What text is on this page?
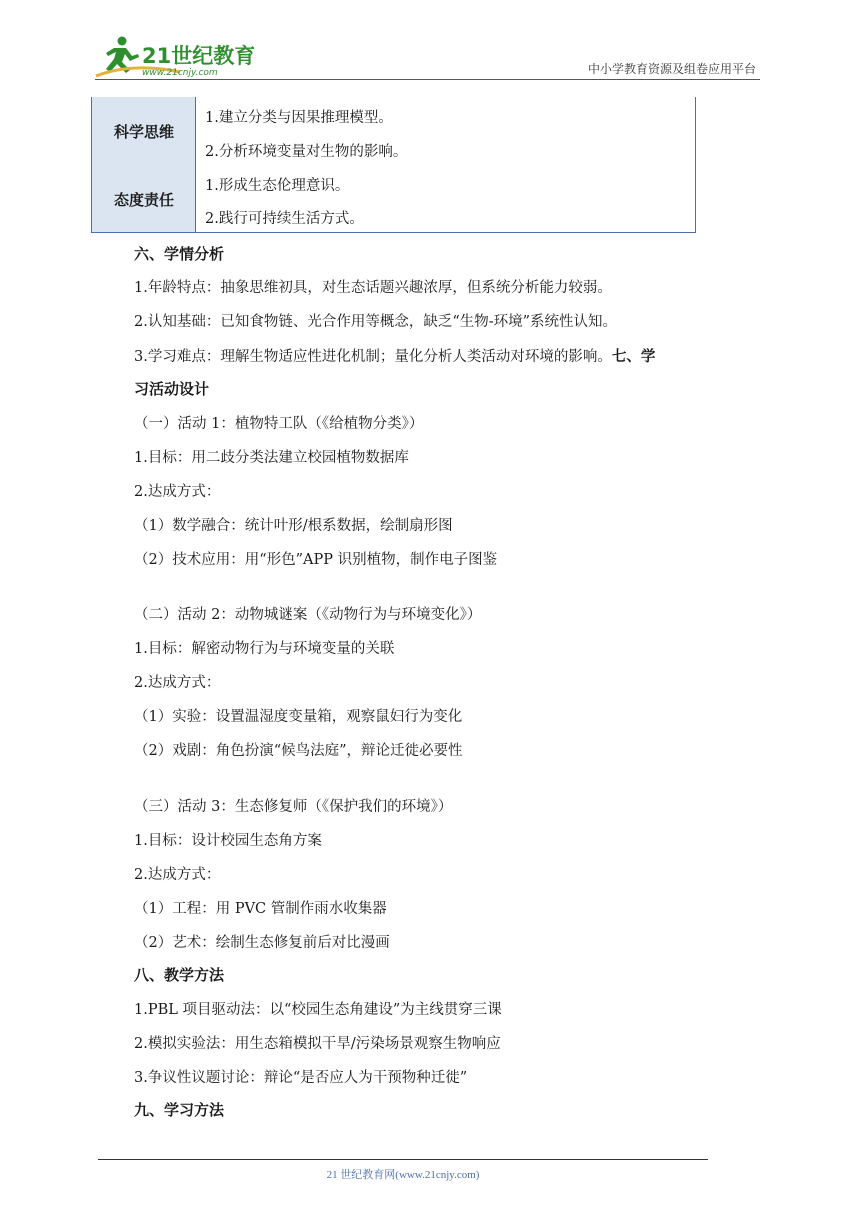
21世纪教育
www.21cnjy.com	中小学教育资源及组卷应用平台
科学思维
态度责任
1.建立分类与因果推理模型。
2.分析环境变量对生物的影响。
1.形成生态伦理意识。
2.践行可持续生活方式。
六、学情分析
1.年龄特点：抽象思维初具，对生态话题兴趣浓厚，但系统分析能力较弱。
2.认知基础：已知食物链、光合作用等概念，缺乏“生物-环境”系统性认知。
3.学习难点：理解生物适应性进化机制；量化分析人类活动对环境的影响。七、学
习活动设计
（一）活动 1：植物特工队（《给植物分类》）
1.目标：用二歧分类法建立校园植物数据库
2.达成方式：
（1）数学融合：统计叶形/根系数据，绘制扇形图
（2）技术应用：用“形色”APP 识别植物，制作电子图鉴
（二）活动 2：动物城谜案（《动物行为与环境变化》）
1.目标：解密动物行为与环境变量的关联
2.达成方式：
（1）实验：设置温湿度变量箱，观察鼠妇行为变化
（2）戏剧：角色扮演“候鸟法庭”，辩论迁徙必要性
（三）活动 3：生态修复师（《保护我们的环境》）
1.目标：设计校园生态角方案
2.达成方式：
（1）工程：用 PVC 管制作雨水收集器
（2）艺术：绘制生态修复前后对比漫画
八、教学方法
1.PBL 项目驱动法：以“校园生态角建设”为主线贯穿三课
2.模拟实验法：用生态箱模拟干旱/污染场景观察生物响应
3.争议性议题讨论：辩论“是否应人为干预物种迁徙”
九、学习方法
21 世纪教育网(www.21cnjy.com)
